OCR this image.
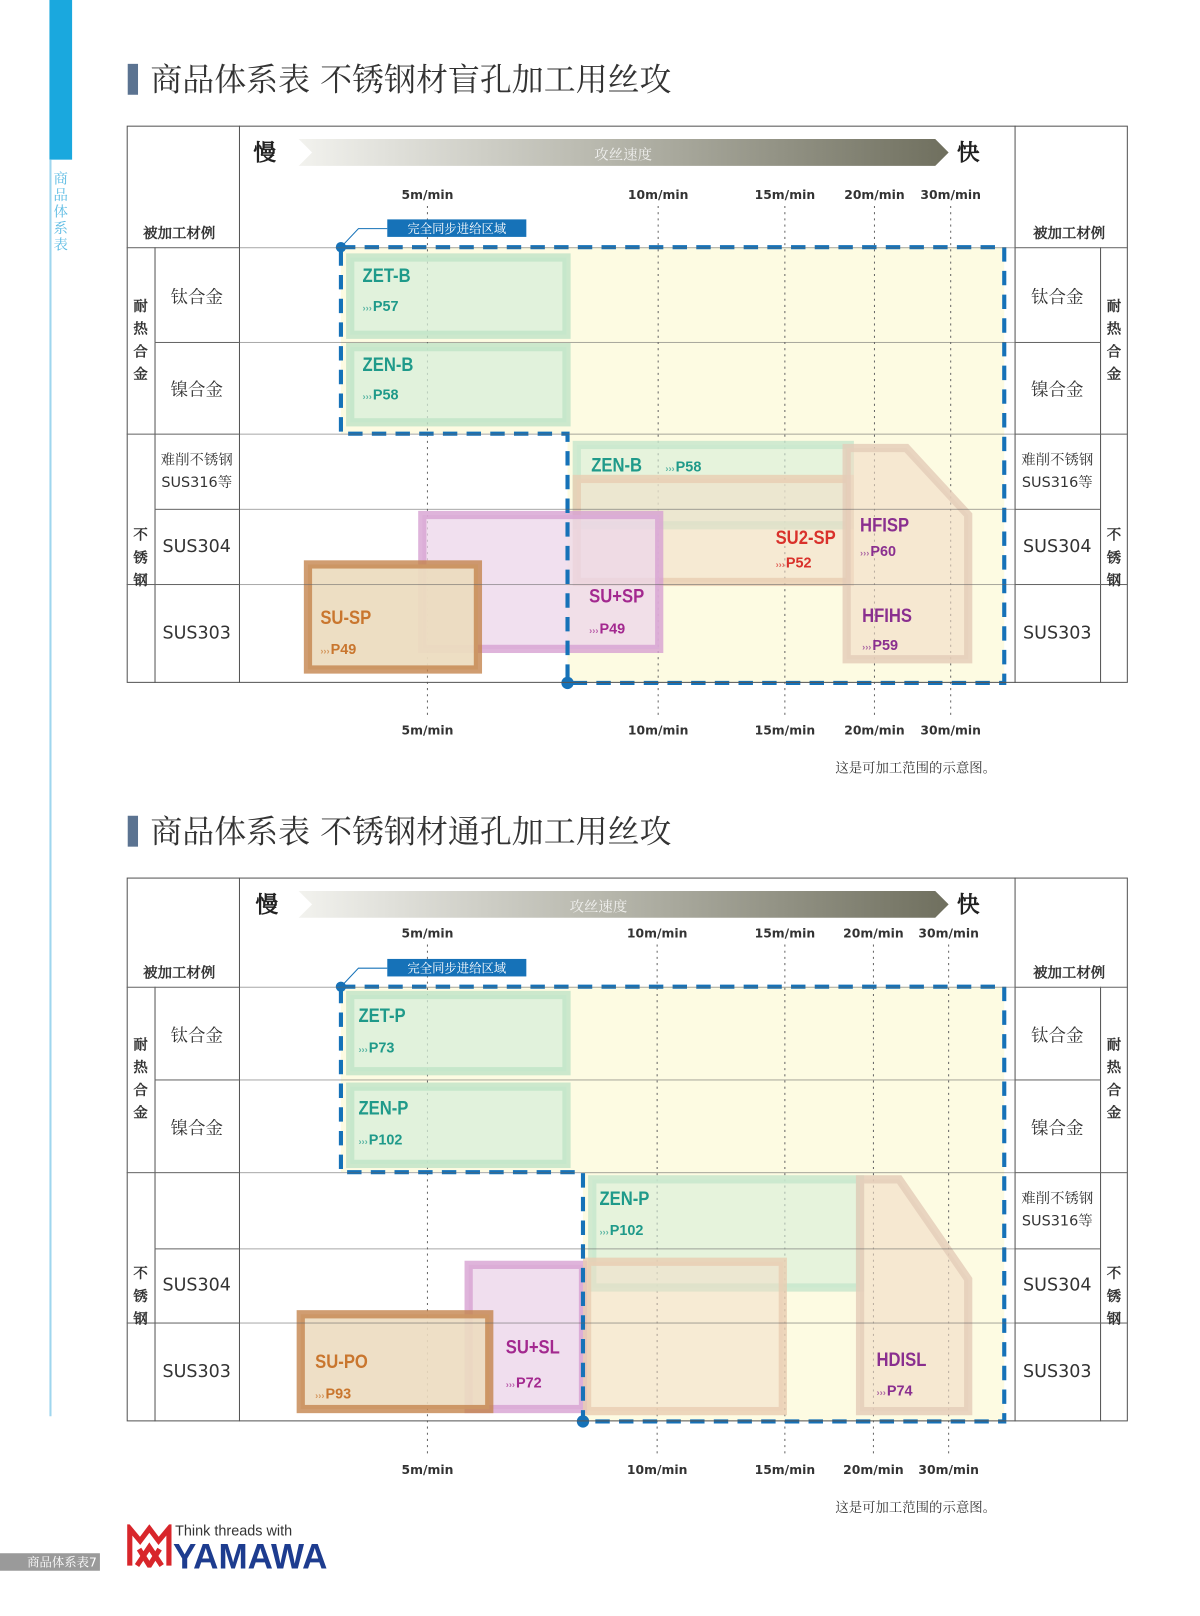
商品体系表
商品体系表 不锈钢材盲孔加工用丝攻
慢	快
攻丝速度
被加工材例	被加工材例
完全同步进给区域
5m/min
5m/min
10m/min
10m/min
15m/min
15m/min
20m/min
20m/min
30m/min
30m/min
耐热合金
耐热合金
不锈钢
不锈钢
钛合金	钛合金
镍合金	镍合金
难削不锈钢
SUS316等
难削不锈钢
SUS316等
SUS304	SUS304
SUS303	SUS303
ZET-B
›››P57
ZEN-B
›››P58
ZEN-B	›››P58
SU2-SP
›››P52
HFISP
›››P60
HFIHS
›››P59
SU+SP
›››P49
SU-SP
›››P49
这是可加工范围的示意图。
商品体系表 不锈钢材通孔加工用丝攻
慢	快
攻丝速度
被加工材例	被加工材例
完全同步进给区域
5m/min
5m/min
10m/min
10m/min
15m/min
15m/min
20m/min
20m/min
30m/min
30m/min
耐热合金
耐热合金
不锈钢
不锈钢
钛合金	钛合金
镍合金	镍合金
难削不锈钢
SUS316等
SUS304	SUS304
SUS303	SUS303
ZET-P
›››P73
ZEN-P
›››P102
ZEN-P
›››P102
HDISL
›››P74
SU+SL
›››P72
SU-PO
›››P93
这是可加工范围的示意图。
商品体系表7
Think threads with
YAMAWA
